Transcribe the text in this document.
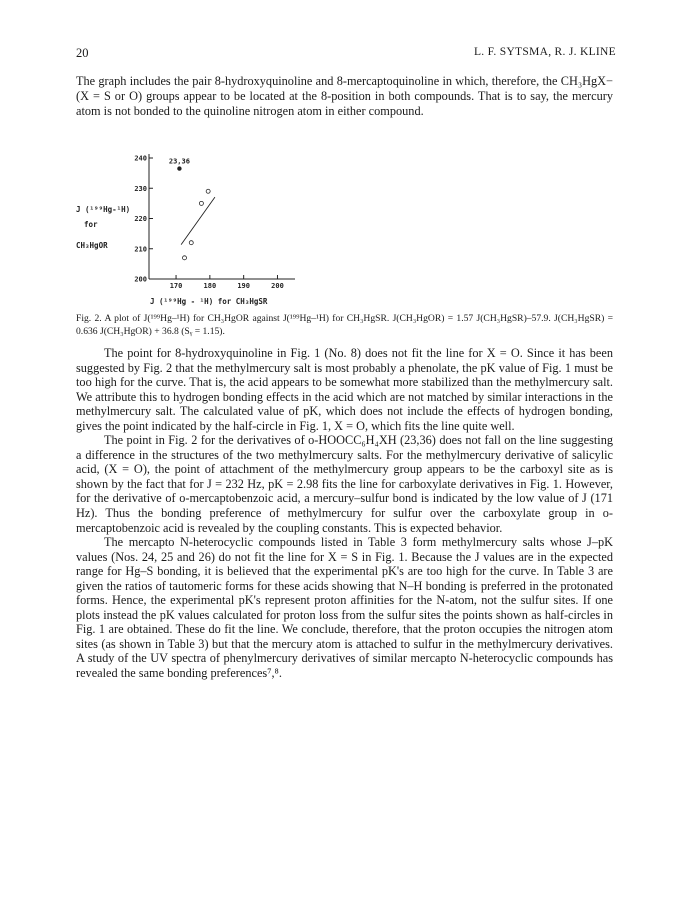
20	L. F. SYTSMA, R. J. KLINE
The graph includes the pair 8-hydroxyquinoline and 8-mercaptoquinoline in which, therefore, the CH₃HgX−(X = S or O) groups appear to be located at the 8-position in both compounds. That is to say, the mercury atom is not bonded to the quinoline nitrogen atom in either compound.
200
210
220
230
240
170	180	190	200
J (¹⁹⁹Hg-¹H)
for
CH₃HgOR
J (¹⁹⁹Hg - ¹H) for CH₃HgSR
23,36
Fig. 2. A plot of J(¹⁹⁹Hg–¹H) for CH₃HgOR against J(¹⁹⁹Hg–¹H) for CH₃HgSR. J(CH₃HgOR) = 1.57 J(CH₃HgSR)–57.9. J(CH₃HgSR) = 0.636 J(CH₃HgOR) + 36.8 (Sᵧ = 1.15).

The point for 8-hydroxyquinoline in Fig. 1 (No. 8) does not fit the line for X = O. Since it has been suggested by Fig. 2 that the methylmercury salt is most probably a phenolate, the pK value of Fig. 1 must be too high for the curve. That is, the acid appears to be somewhat more stabilized than the methylmercury salt. We attribute this to hydrogen bonding effects in the acid which are not matched by similar interactions in the methylmercury salt. The calculated value of pK, which does not include the effects of hydrogen bonding, gives the point indicated by the half-circle in Fig. 1, X = O, which fits the line quite well.

The point in Fig. 2 for the derivatives of o-HOOCC₆H₄XH (23,36) does not fall on the line suggesting a difference in the structures of the two methylmercury salts. For the methylmercury derivative of salicylic acid, (X = O), the point of attachment of the methylmercury group appears to be the carboxyl site as is shown by the fact that for J = 232 Hz, pK = 2.98 fits the line for carboxylate derivatives in Fig. 1. However, for the derivative of o-mercaptobenzoic acid, a mercury–sulfur bond is indicated by the low value of J (171 Hz). Thus the bonding preference of methylmercury for sulfur over the carboxylate group in o-mercaptobenzoic acid is revealed by the coupling constants. This is expected behavior.

The mercapto N-heterocyclic compounds listed in Table 3 form methylmercury salts whose J–pK values (Nos. 24, 25 and 26) do not fit the line for X = S in Fig. 1. Because the J values are in the expected range for Hg–S bonding, it is believed that the experimental pK's are too high for the curve. In Table 3 are given the ratios of tautomeric forms for these acids showing that N–H bonding is preferred in the protonated forms. Hence, the experimental pK's represent proton affinities for the N-atom, not the sulfur sites. If one plots instead the pK values calculated for proton loss from the sulfur sites the points shown as half-circles in Fig. 1 are obtained. These do fit the line. We conclude, therefore, that the proton occupies the nitrogen atom sites (as shown in Table 3) but that the mercury atom is attached to sulfur in the methylmercury derivatives. A study of the UV spectra of phenylmercury derivatives of similar mercapto N-heterocyclic compounds has revealed the same bonding preferences⁷,⁸.
